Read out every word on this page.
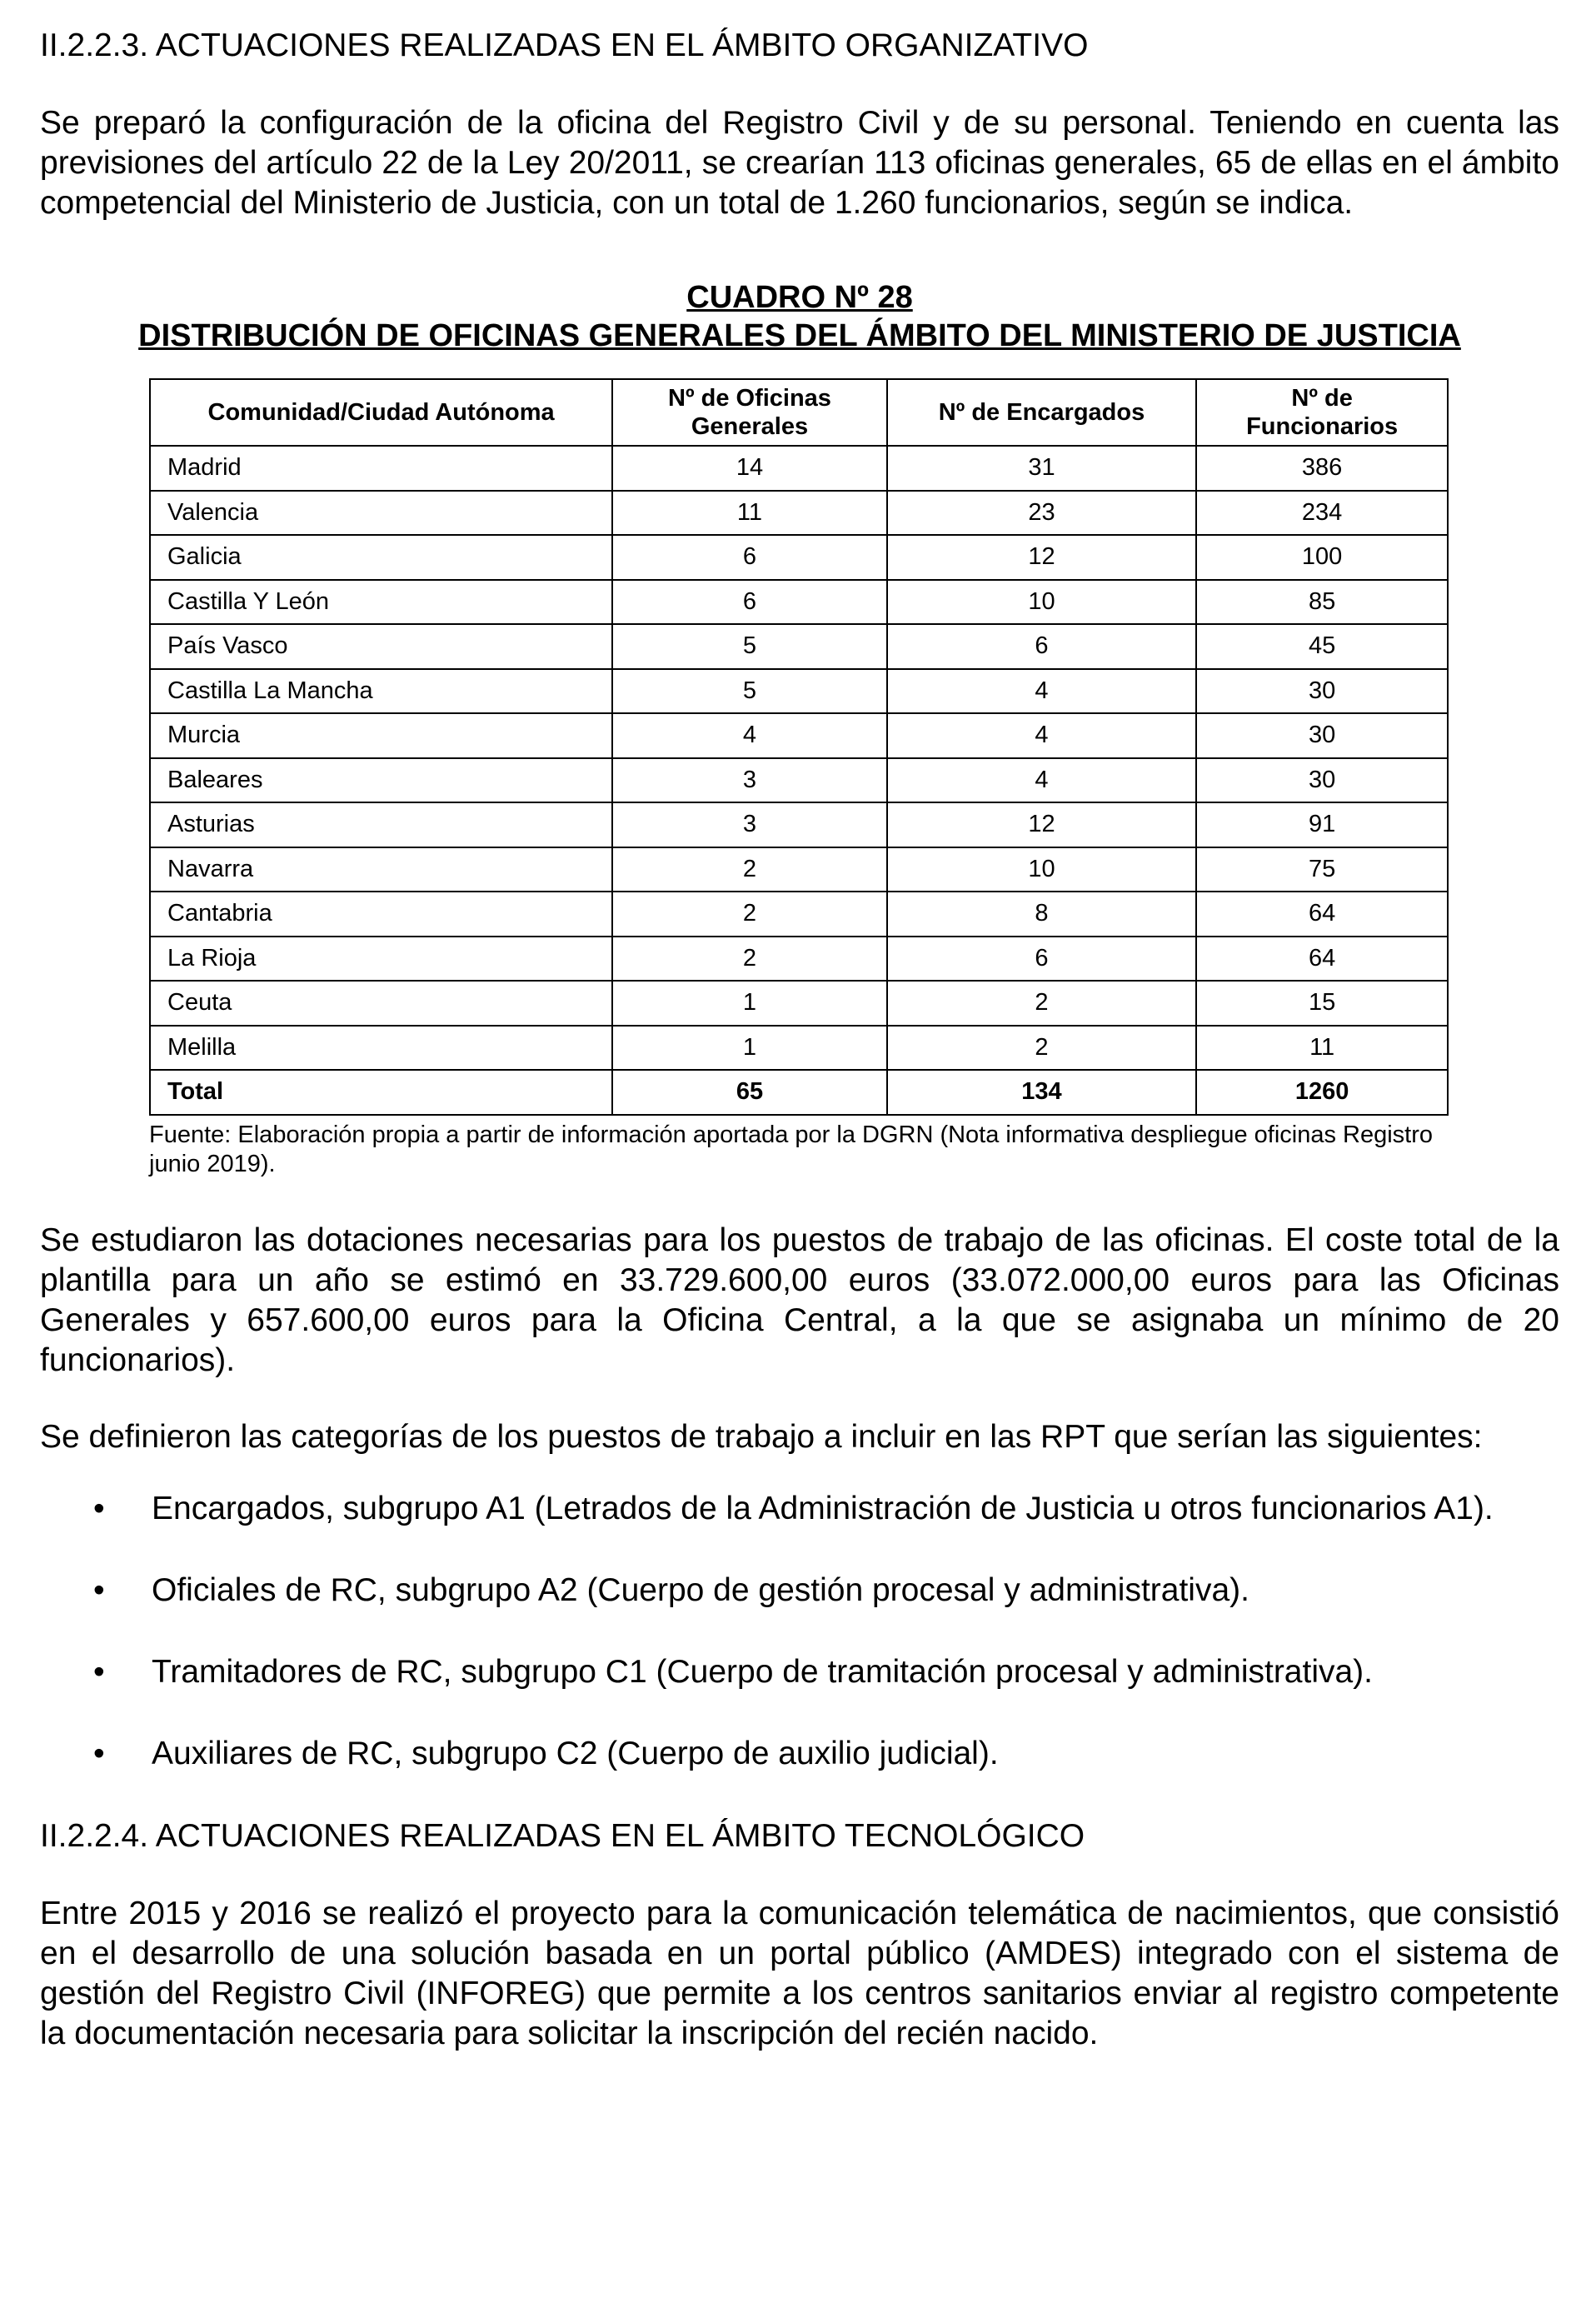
II.2.2.3. ACTUACIONES REALIZADAS EN EL ÁMBITO ORGANIZATIVO

Se preparó la configuración de la oficina del Registro Civil y de su personal. Teniendo en cuenta las previsiones del artículo 22 de la Ley 20/2011, se crearían 113 oficinas generales, 65 de ellas en el ámbito competencial del Ministerio de Justicia, con un total de 1.260 funcionarios, según se indica.

CUADRO Nº 28

DISTRIBUCIÓN DE OFICINAS GENERALES DEL ÁMBITO DEL MINISTERIO DE JUSTICIA

Comunidad/Ciudad Autónoma	Nº de Oficinas Generales	Nº de Encargados	Nº de Funcionarios
Madrid	14	31	386
Valencia	11	23	234
Galicia	6	12	100
Castilla Y León	6	10	85
País Vasco	5	6	45
Castilla La Mancha	5	4	30
Murcia	4	4	30
Baleares	3	4	30
Asturias	3	12	91
Navarra	2	10	75
Cantabria	2	8	64
La Rioja	2	6	64
Ceuta	1	2	15
Melilla	1	2	11
Total	65	134	1260

Fuente: Elaboración propia a partir de información aportada por la DGRN (Nota informativa despliegue oficinas Registro junio 2019).

Se estudiaron las dotaciones necesarias para los puestos de trabajo de las oficinas. El coste total de la plantilla para un año se estimó en 33.729.600,00 euros (33.072.000,00 euros para las Oficinas Generales y 657.600,00 euros para la Oficina Central, a la que se asignaba un mínimo de 20 funcionarios).

Se definieron las categorías de los puestos de trabajo a incluir en las RPT que serían las siguientes:

• Encargados, subgrupo A1 (Letrados de la Administración de Justicia u otros funcionarios A1).
• Oficiales de RC, subgrupo A2 (Cuerpo de gestión procesal y administrativa).
• Tramitadores de RC, subgrupo C1 (Cuerpo de tramitación procesal y administrativa).
• Auxiliares de RC, subgrupo C2 (Cuerpo de auxilio judicial).

II.2.2.4. ACTUACIONES REALIZADAS EN EL ÁMBITO TECNOLÓGICO

Entre 2015 y 2016 se realizó el proyecto para la comunicación telemática de nacimientos, que consistió en el desarrollo de una solución basada en un portal público (AMDES) integrado con el sistema de gestión del Registro Civil (INFOREG) que permite a los centros sanitarios enviar al registro competente la documentación necesaria para solicitar la inscripción del recién nacido.
